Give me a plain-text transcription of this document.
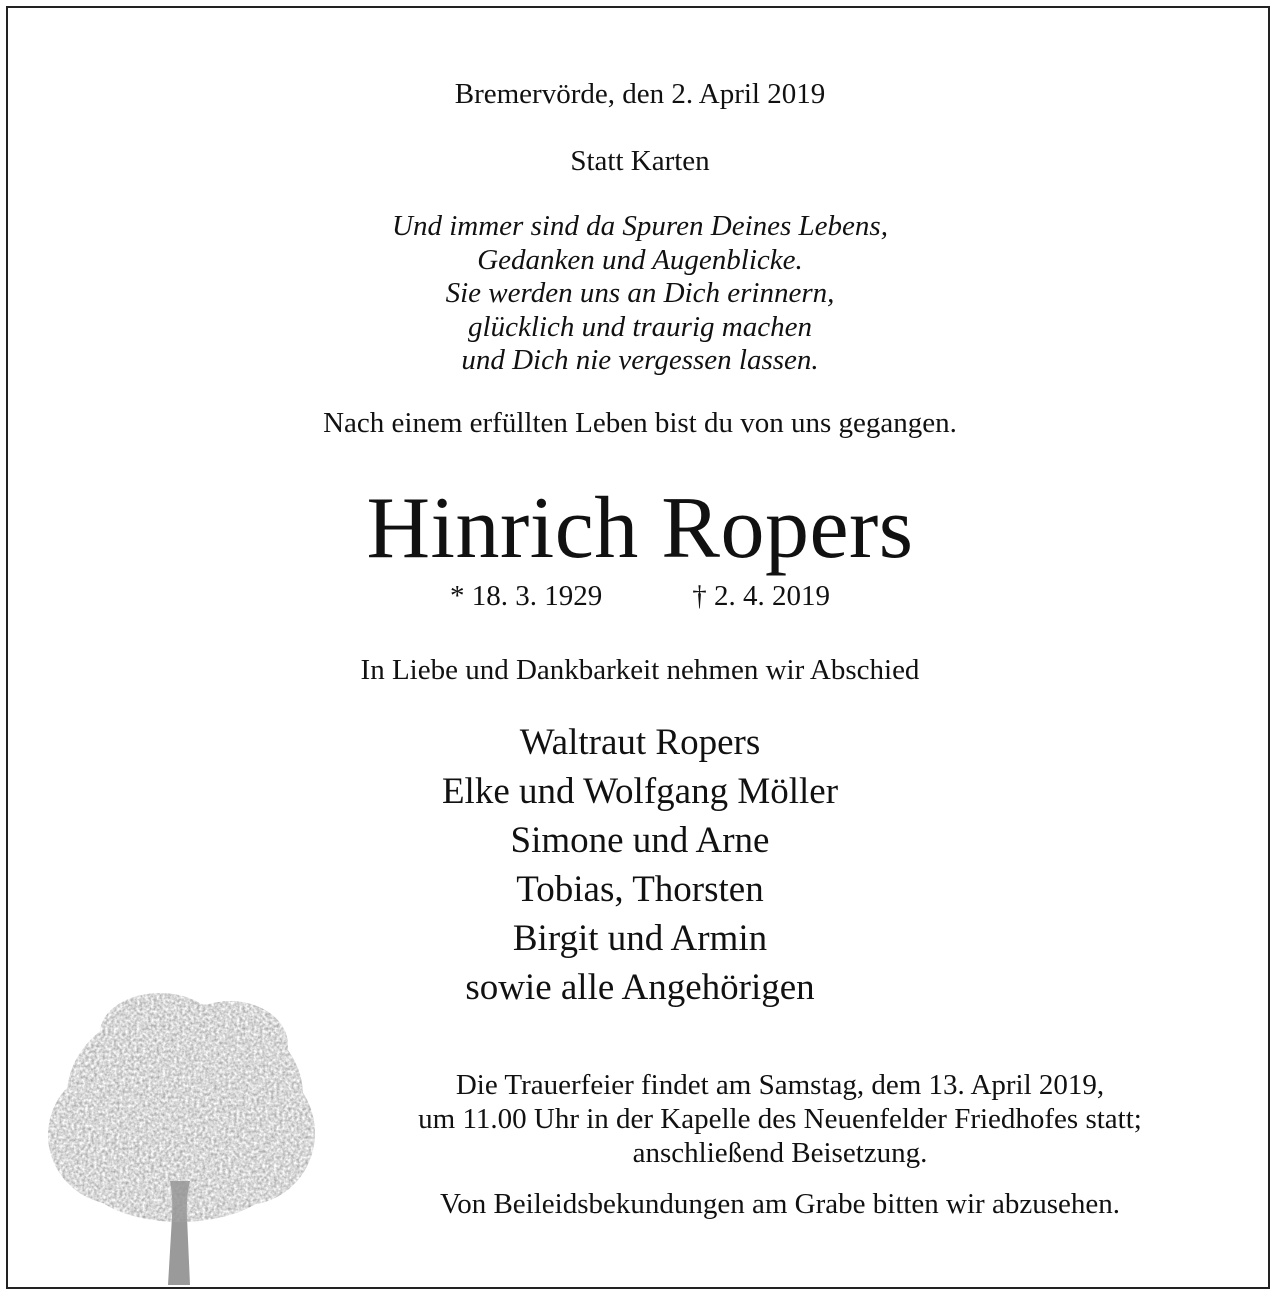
Bremervörde, den 2. April 2019
Statt Karten
Und immer sind da Spuren Deines Lebens,
Gedanken und Augenblicke.
Sie werden uns an Dich erinnern,
glücklich und traurig machen
und Dich nie vergessen lassen.
Nach einem erfüllten Leben bist du von uns gegangen.
Hinrich Ropers
* 18. 3. 1929	† 2. 4. 2019
In Liebe und Dankbarkeit nehmen wir Abschied
Waltraut Ropers
Elke und Wolfgang Möller
Simone und Arne
Tobias, Thorsten
Birgit und Armin
sowie alle Angehörigen
Die Trauerfeier findet am Samstag, dem 13. April 2019,
um 11.00 Uhr in der Kapelle des Neuenfelder Friedhofes statt;
anschließend Beisetzung.
Von Beileidsbekundungen am Grabe bitten wir abzusehen.
